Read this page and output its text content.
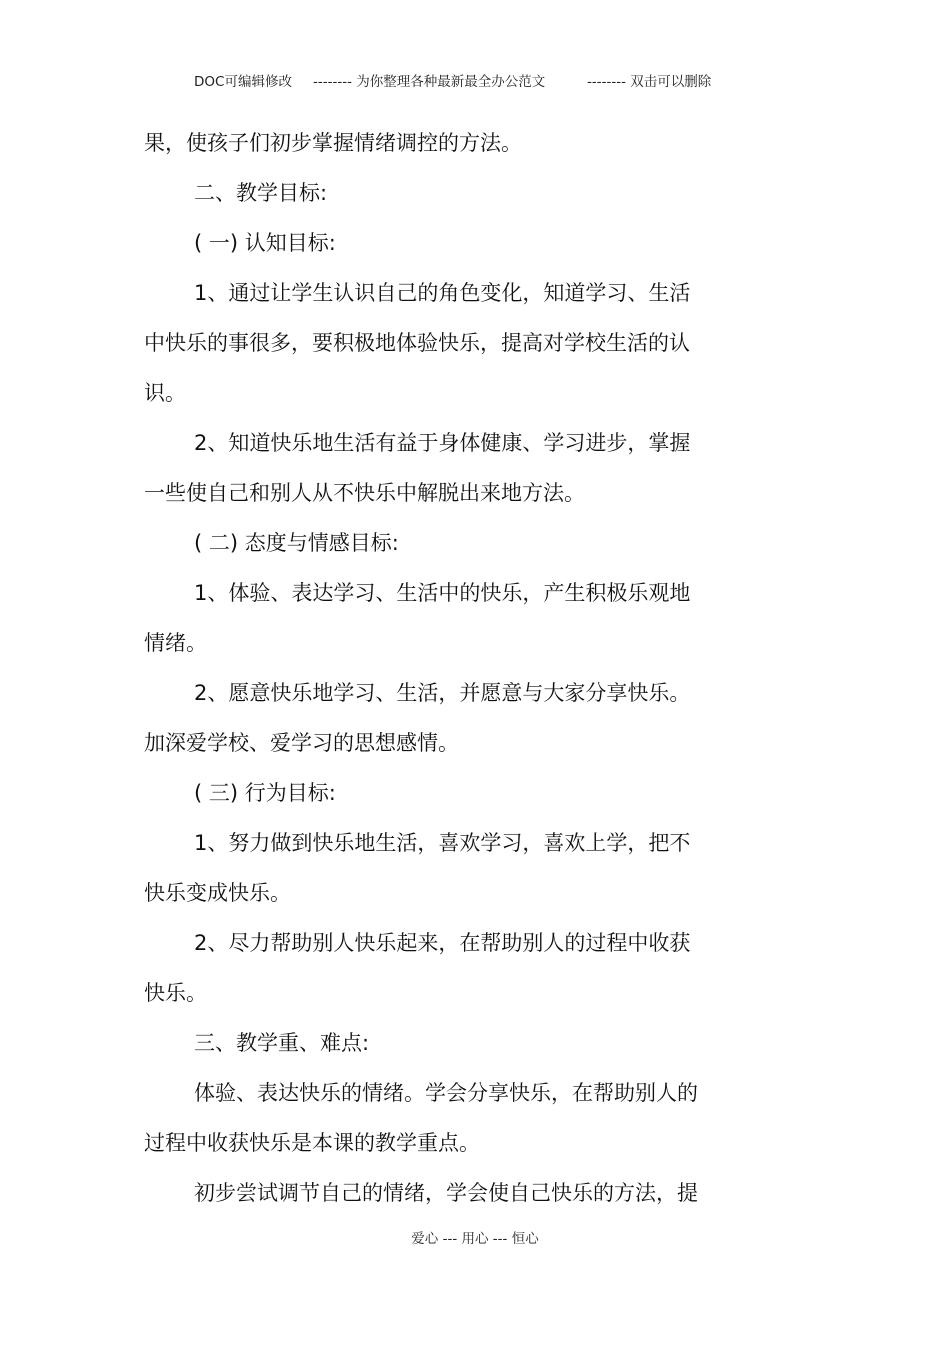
DOC可编辑修改 -------- 为你整理各种最新最全办公范文	-------- 双击可以删除
果，使孩子们初步掌握情绪调控的方法。
二、教学目标:
( 一) 认知目标:
1、通过让学生认识自己的角色变化，知道学习、生活
中快乐的事很多，要积极地体验快乐，提高对学校生活的认
识。
2、知道快乐地生活有益于身体健康、学习进步，掌握
一些使自己和别人从不快乐中解脱出来地方法。
( 二) 态度与情感目标:
1、体验、表达学习、生活中的快乐，产生积极乐观地
情绪。
2、愿意快乐地学习、生活，并愿意与大家分享快乐。
加深爱学校、爱学习的思想感情。
( 三) 行为目标:
1、努力做到快乐地生活，喜欢学习，喜欢上学，把不
快乐变成快乐。
2、尽力帮助别人快乐起来，在帮助别人的过程中收获
快乐。
三、教学重、难点:
体验、表达快乐的情绪。学会分享快乐，在帮助别人的
过程中收获快乐是本课的教学重点。
初步尝试调节自己的情绪，学会使自己快乐的方法，提
爱心 --- 用心 --- 恒心
